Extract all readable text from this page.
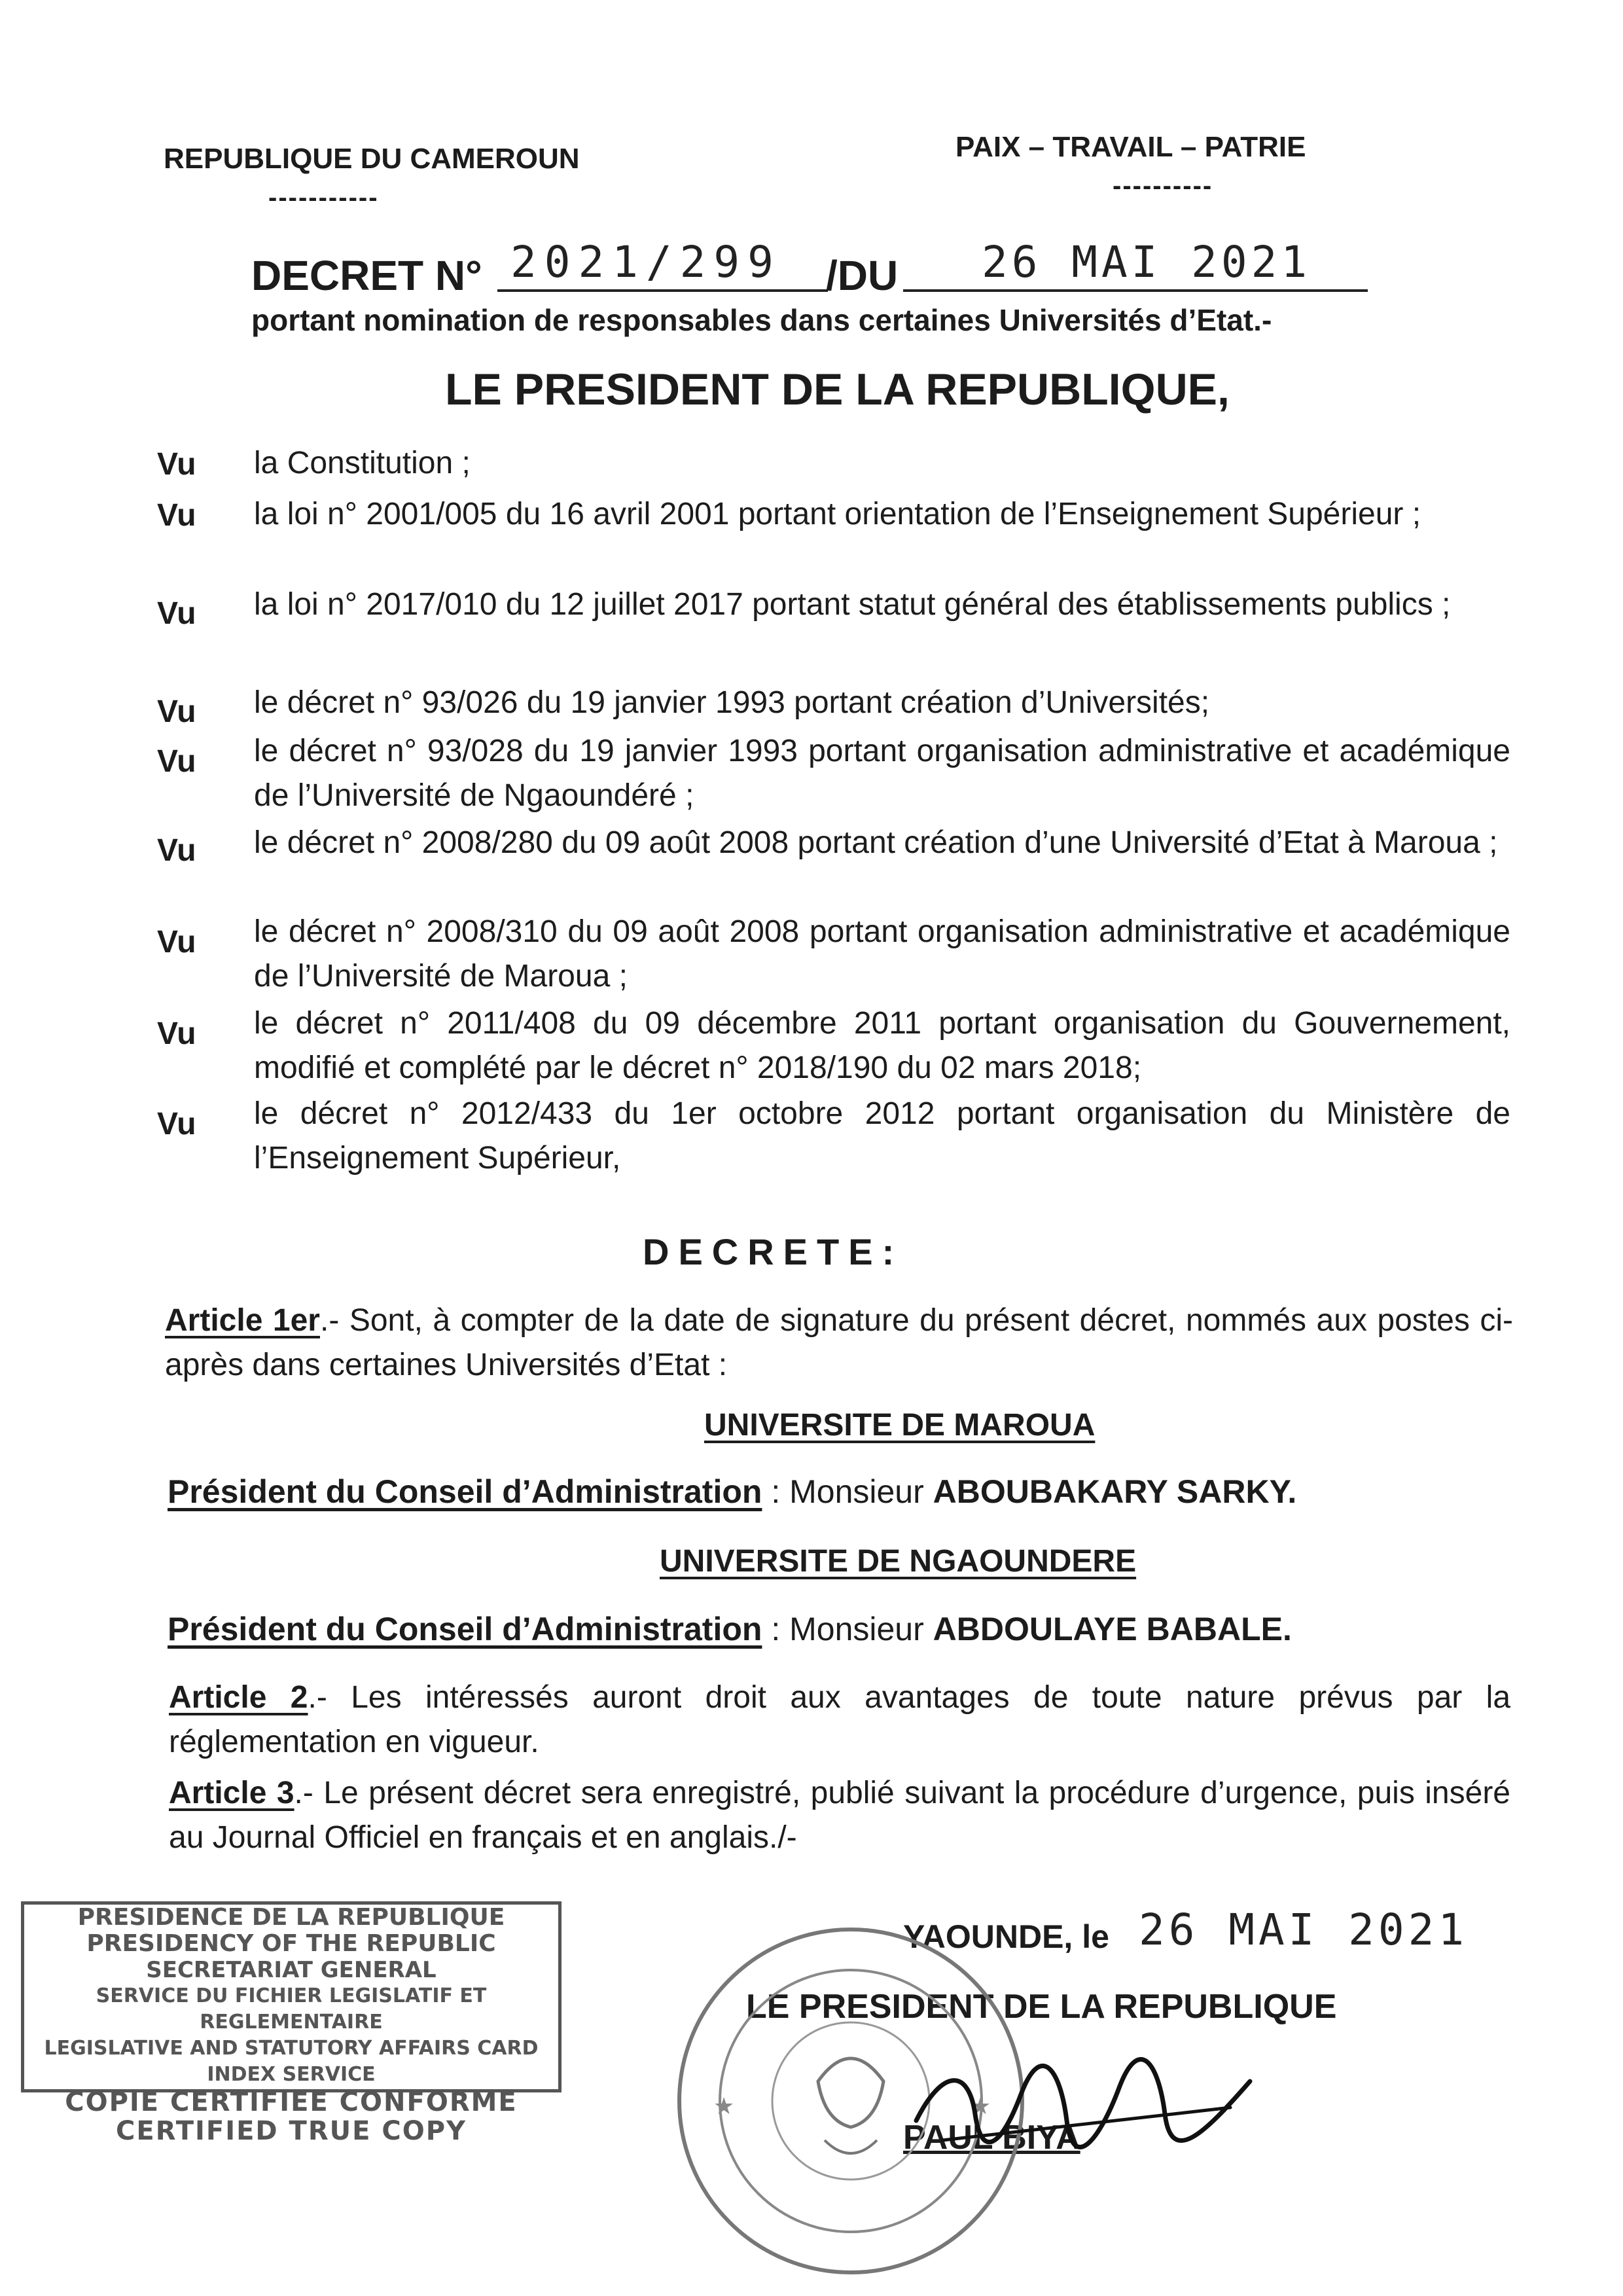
REPUBLIQUE DU CAMEROUN
-----------
PAIX – TRAVAIL – PATRIE
----------
DECRET N° 2021/299 /DU 26 MAI 2021
portant nomination de responsables dans certaines Universités d’Etat.-
LE PRESIDENT DE LA REPUBLIQUE,
Vu la Constitution ;
Vu la loi n° 2001/005 du 16 avril 2001 portant orientation de l’Enseignement Supérieur ;
Vu la loi n° 2017/010 du 12 juillet 2017 portant statut général des établissements publics ;
Vu le décret n° 93/026 du 19 janvier 1993 portant création d’Universités;
Vu le décret n° 93/028 du 19 janvier 1993 portant organisation administrative et académique de l’Université de Ngaoundéré ;
Vu le décret n° 2008/280 du 09 août 2008 portant création d’une Université d’Etat à Maroua ;
Vu le décret n° 2008/310 du 09 août 2008 portant organisation administrative et académique de l’Université de Maroua ;
Vu le décret n° 2011/408 du 09 décembre 2011 portant organisation du Gouvernement, modifié et complété par le décret n° 2018/190 du 02 mars 2018;
Vu le décret n° 2012/433 du 1er octobre 2012 portant organisation du Ministère de l’Enseignement Supérieur,
DECRETE:
Article 1er.- Sont, à compter de la date de signature du présent décret, nommés aux postes ci-après dans certaines Universités d’Etat :
UNIVERSITE DE MAROUA
Président du Conseil d’Administration : Monsieur ABOUBAKARY SARKY.
UNIVERSITE DE NGAOUNDERE
Président du Conseil d’Administration : Monsieur ABDOULAYE BABALE.
Article 2.- Les intéressés auront droit aux avantages de toute nature prévus par la réglementation en vigueur.
Article 3.- Le présent décret sera enregistré, publié suivant la procédure d’urgence, puis inséré au Journal Officiel en français et en anglais./-
YAOUNDE, le 26 MAI 2021
LE PRESIDENT DE LA REPUBLIQUE
PAUL BIYA
★	★
PRESIDENCE DE LA REPUBLIQUE
PRESIDENCY OF THE REPUBLIC
SECRETARIAT GENERAL
SERVICE DU FICHIER LEGISLATIF ET REGLEMENTAIRE
LEGISLATIVE AND STATUTORY AFFAIRS CARD INDEX SERVICE
COPIE CERTIFIEE CONFORME
CERTIFIED TRUE COPY
